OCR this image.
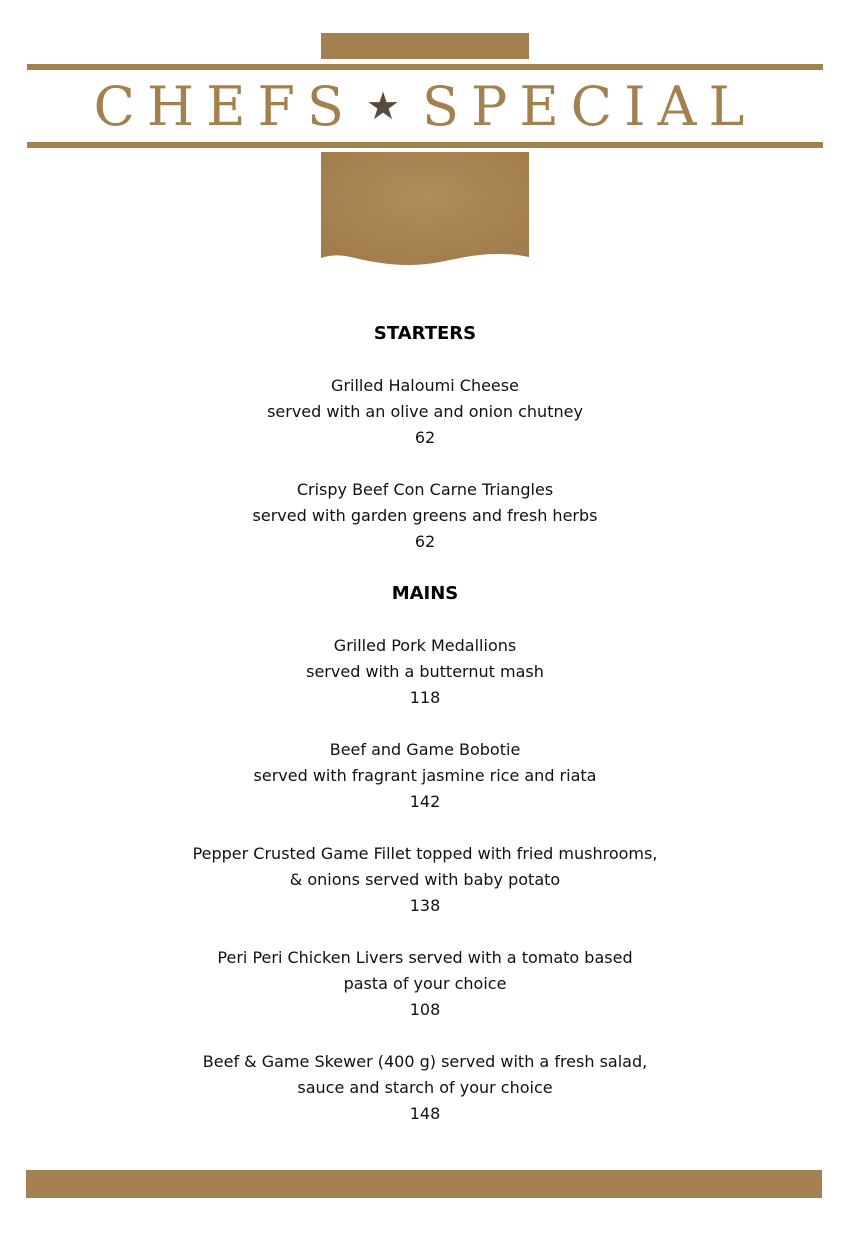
CHEFS ★ SPECIAL

STARTERS

Grilled Haloumi Cheese

served with an olive and onion chutney

62

Crispy Beef Con Carne Triangles

served with garden greens and fresh herbs

62

MAINS

Grilled Pork Medallions

served with a butternut mash

118

Beef and Game Bobotie

served with fragrant jasmine rice and riata

142

Pepper Crusted Game Fillet topped with fried mushrooms,

& onions served with baby potato

138

Peri Peri Chicken Livers served with a tomato based

pasta of your choice

108

Beef & Game Skewer (400 g) served with a fresh salad,

sauce and starch of your choice

148
